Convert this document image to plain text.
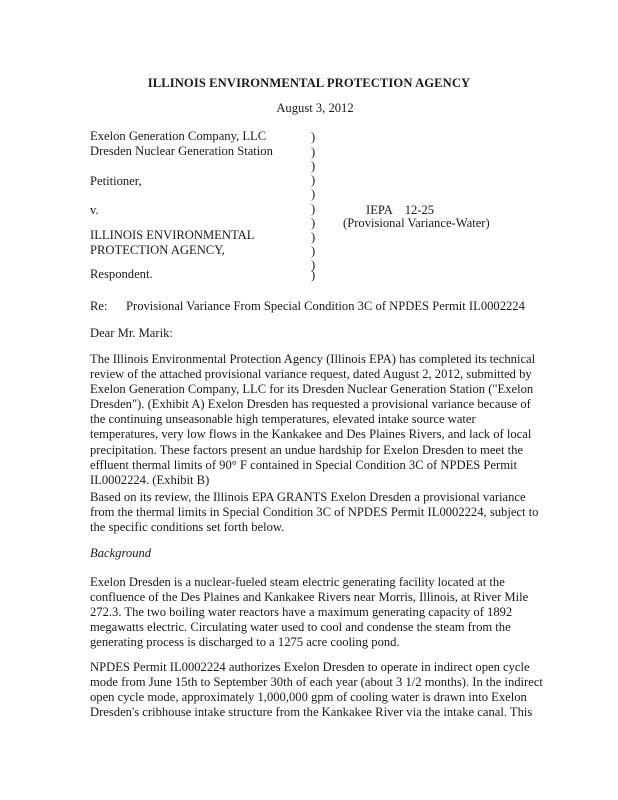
ILLINOIS ENVIRONMENTAL PROTECTION AGENCY
August 3, 2012
Exelon Generation Company, LLC
Dresden Nuclear Generation Station
Petitioner,
v.
ILLINOIS ENVIRONMENTAL
PROTECTION AGENCY,
Respondent.
)
)
)
)
)
)
)
)
)
)
)
IEPA    12-25
(Provisional Variance-Water)
Re: Provisional Variance From Special Condition 3C of NPDES Permit IL0002224
Dear Mr. Marik:
The Illinois Environmental Protection Agency (Illinois EPA) has completed its technical
review of the attached provisional variance request, dated August 2, 2012, submitted by
Exelon Generation Company, LLC for its Dresden Nuclear Generation Station ("Exelon
Dresden"). (Exhibit A) Exelon Dresden has requested a provisional variance because of
the continuing unseasonable high temperatures, elevated intake source water
temperatures, very low flows in the Kankakee and Des Plaines Rivers, and lack of local
precipitation. These factors present an undue hardship for Exelon Dresden to meet the
effluent thermal limits of 90° F contained in Special Condition 3C of NPDES Permit
IL0002224. (Exhibit B)
Based on its review, the Illinois EPA GRANTS Exelon Dresden a provisional variance
from the thermal limits in Special Condition 3C of NPDES Permit IL0002224, subject to
the specific conditions set forth below.
Background
Exelon Dresden is a nuclear-fueled steam electric generating facility located at the
confluence of the Des Plaines and Kankakee Rivers near Morris, Illinois, at River Mile
272.3. The two boiling water reactors have a maximum generating capacity of 1892
megawatts electric. Circulating water used to cool and condense the steam from the
generating process is discharged to a 1275 acre cooling pond.
NPDES Permit IL0002224 authorizes Exelon Dresden to operate in indirect open cycle
mode from June 15th to September 30th of each year (about 3 1/2 months). In the indirect
open cycle mode, approximately 1,000,000 gpm of cooling water is drawn into Exelon
Dresden's cribhouse intake structure from the Kankakee River via the intake canal. This
